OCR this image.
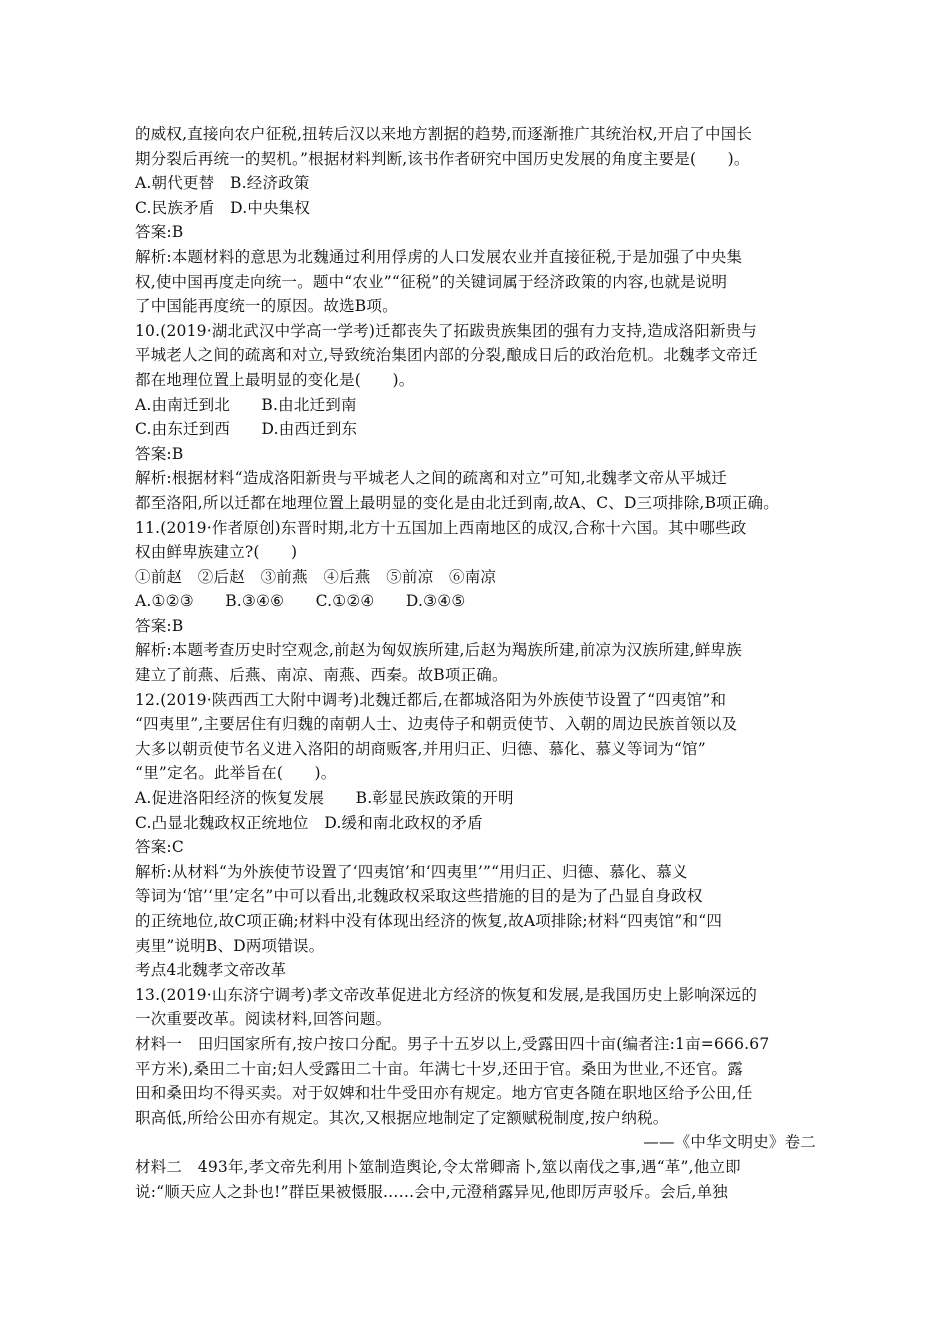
的威权,直接向农户征税,扭转后汉以来地方割据的趋势,而逐渐推广其统治权,开启了中国长
期分裂后再统一的契机。”根据材料判断,该书作者研究中国历史发展的角度主要是(　　)。
A.朝代更替　B.经济政策
C.民族矛盾　D.中央集权
答案:B
解析:本题材料的意思为北魏通过利用俘虏的人口发展农业并直接征税,于是加强了中央集
权,使中国再度走向统一。题中“农业”“征税”的关键词属于经济政策的内容,也就是说明
了中国能再度统一的原因。故选B项。
10.(2019·湖北武汉中学高一学考)迁都丧失了拓跋贵族集团的强有力支持,造成洛阳新贵与
平城老人之间的疏离和对立,导致统治集团内部的分裂,酿成日后的政治危机。北魏孝文帝迁
都在地理位置上最明显的变化是(　　)。
A.由南迁到北　　B.由北迁到南
C.由东迁到西　　D.由西迁到东
答案:B
解析:根据材料“造成洛阳新贵与平城老人之间的疏离和对立”可知,北魏孝文帝从平城迁
都至洛阳,所以迁都在地理位置上最明显的变化是由北迁到南,故A、C、D三项排除,B项正确。
11.(2019·作者原创)东晋时期,北方十五国加上西南地区的成汉,合称十六国。其中哪些政
权由鲜卑族建立?(　　)
①前赵　②后赵　③前燕　④后燕　⑤前凉　⑥南凉
A.①②③　　B.③④⑥　　C.①②④　　D.③④⑤
答案:B
解析:本题考查历史时空观念,前赵为匈奴族所建,后赵为羯族所建,前凉为汉族所建,鲜卑族
建立了前燕、后燕、南凉、南燕、西秦。故B项正确。
12.(2019·陕西西工大附中调考)北魏迁都后,在都城洛阳为外族使节设置了“四夷馆”和
“四夷里”,主要居住有归魏的南朝人士、边夷侍子和朝贡使节、入朝的周边民族首领以及
大多以朝贡使节名义进入洛阳的胡商贩客,并用归正、归德、慕化、慕义等词为“馆”
“里”定名。此举旨在(　　)。
A.促进洛阳经济的恢复发展　　B.彰显民族政策的开明
C.凸显北魏政权正统地位　D.缓和南北政权的矛盾
答案:C
解析:从材料“为外族使节设置了‘四夷馆’和‘四夷里’”“用归正、归德、慕化、慕义
等词为‘馆’‘里’定名”中可以看出,北魏政权采取这些措施的目的是为了凸显自身政权
的正统地位,故C项正确;材料中没有体现出经济的恢复,故A项排除;材料“四夷馆”和“四
夷里”说明B、D两项错误。
考点4北魏孝文帝改革
13.(2019·山东济宁调考)孝文帝改革促进北方经济的恢复和发展,是我国历史上影响深远的
一次重要改革。阅读材料,回答问题。
材料一　田归国家所有,按户按口分配。男子十五岁以上,受露田四十亩(编者注:1亩=666.67
平方米),桑田二十亩;妇人受露田二十亩。年满七十岁,还田于官。桑田为世业,不还官。露
田和桑田均不得买卖。对于奴婢和壮牛受田亦有规定。地方官吏各随在职地区给予公田,任
职高低,所给公田亦有规定。其次,又根据应地制定了定额赋税制度,按户纳税。
——《中华文明史》卷二
材料二　493年,孝文帝先利用卜筮制造舆论,令太常卿斋卜,筮以南伐之事,遇“革”,他立即
说:“顺天应人之卦也!”群臣果被慑服……会中,元澄稍露异见,他即厉声驳斥。会后,单独
